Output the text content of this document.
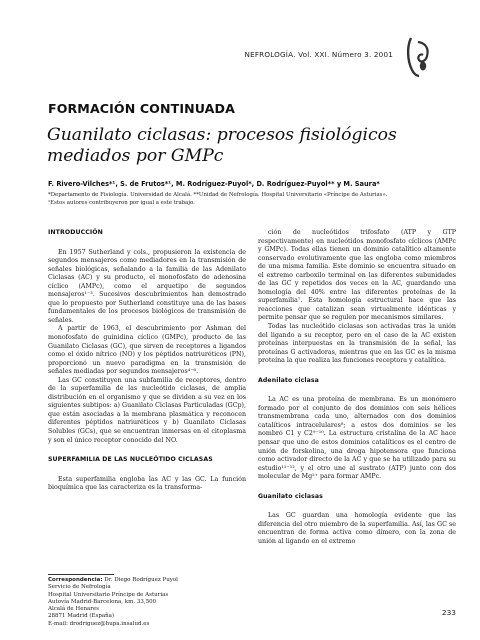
NEFROLOGÍA. Vol. XXI. Número 3. 2001
FORMACIÓN CONTINUADA
Guanilato ciclasas: procesos fisiológicos
mediados por GMPc
F. Rivero-Vilches*¹, S. de Frutos*¹, M. Rodríguez-Puyol*, D. Rodríguez-Puyol** y M. Saura*
*Departamento de Fisiología. Universidad de Alcalá. **Unidad de Nefrología. Hospital Universitario «Príncipe de Asturias».
¹Estos autores contribuyeron por igual a este trabajo.
INTRODUCCIÓN

En 1957 Sutherland y cols., propusieron la existencia de segundos mensajeros como mediadores en la transmisión de señales biológicas, señalando a la familia de las Adenilato Ciclasas (AC) y su producto, el monofosfato de adenosina cíclico (AMPc), como el arquetipo de segundos mensajeros¹⁻³. Sucesivos descubrimientos han demostrado que lo propuesto por Sutherland constituye una de las bases fundamentales de los procesos biológicos de transmisión de señales.

A partir de 1963, el descubrimiento por Ashman del monofosfato de guinidina cíclico (GMPc), producto de las Guanilato Ciclasas (GC), que sirven de receptores a ligandos como el óxido nítrico (NO) y los péptidos natriuréticos (PN), proporcionó un nuevo paradigma en la transmisión de señales mediadas por segundos mensajeros⁴⁻⁶.

Las GC constituyen una subfamilia de receptores, dentro de la superfamilia de las nucleótido ciclasas, de amplia distribución en el organismo y que se dividen a su vez en los siguientes subtipos: a) Guanilato Ciclasas Particuladas (GCp), que están asociadas a la membrana plasmática y reconocen diferentes péptidos natriuréticos y b) Guanilato Ciclasas Solubles (GCs), que se encuentran inmersas en el citoplasma y son el único receptor conocido del NO.

SUPERFAMILIA DE LAS NUCLEÓTIDO CICLASAS

Esta superfamilia engloba las AC y las GC. La función bioquímica que las caracteriza es la transforma-

ción de nucleótidos trifosfato (ATP y GTP respectivamente) en nucleótidos monofosfato cíclicos (AMPc y GMPc). Todas ellas tienen un dominio catalítico altamente conservado evolutivamente que las engloba como miembros de una misma familia. Este dominio se encuentra situado en el extremo carboxilo terminal en las diferentes subunidades de las GC y repetidos dos veces en la AC, guardando una homología del 40% entre las diferentes proteínas de la superfamilia⁷. Esta homología estructural hace que las reacciones que catalizan sean virtualmente idénticas y permite pensar que se regulen por mecanismos similares.

Todas las nucleótido ciclasas son activadas tras la unión del ligando a su receptor, pero en el caso de la AC existen proteínas interpuestas en la transmisión de la señal, las proteínas G activadoras, mientras que en las GC es la misma proteína la que realiza las funciones receptora y catalítica.

Adenilato ciclasa

La AC es una proteína de membrana. Es un monómero formado por el conjunto de dos dominios con seis hélices transmembrana cada uno, alternados con dos dominios catalíticos intracelulares⁸; a estos dos dominios se les nombró C1 y C2⁹⁻¹⁰. La estructura cristalina de la AC hace pensar que uno de estos dominios catalíticos es el centro de unión de forskolina, una droga hipotensora que funciona como activador directo de la AC y que se ha utilizado para su estudio¹¹⁻¹², y el otro une al sustrato (ATP) junto con dos molecular de Mg²⁺ para formar AMPc.

Guanilato ciclasas

Las GC guardan una homología evidente que las diferencia del otro miembro de la superfamilia. Así, las GC se encuentran de forma activa como dímero, con la zona de unión al ligando en el extremo

Correspondencia: Dr. Diego Rodríguez Puyol
Servicio de Nefrología
Hospital Universitario Príncipe de Asturias
Autovía Madrid-Barcelona, km. 33,500
Alcalá de Henares
28871 Madrid (España)
E-mail: drodriguez@hupa.insalud.es
233
